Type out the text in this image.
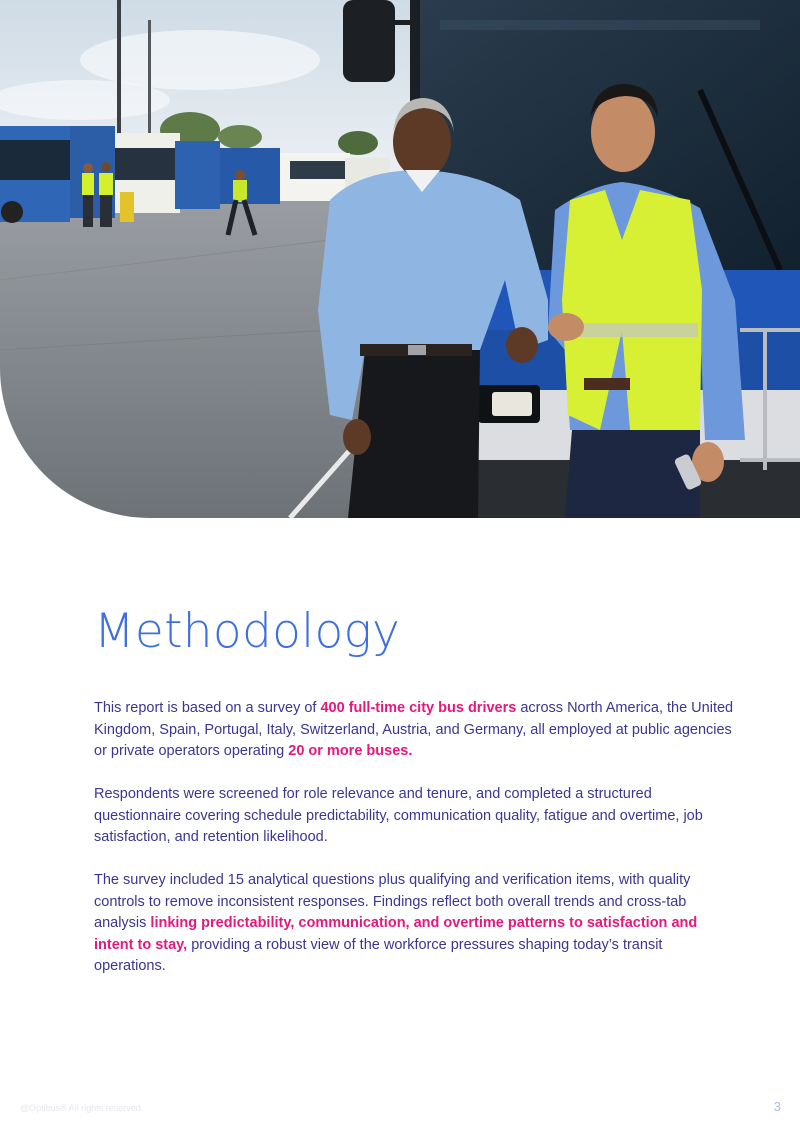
Methodology

This report is based on a survey of 400 full-time city bus drivers across North America, the United Kingdom, Spain, Portugal, Italy, Switzerland, Austria, and Germany, all employed at public agencies or private operators operating 20 or more buses.

Respondents were screened for role relevance and tenure, and completed a structured questionnaire covering schedule predictability, communication quality, fatigue and overtime, job satisfaction, and retention likelihood.

The survey included 15 analytical questions plus qualifying and verification items, with quality controls to remove inconsistent responses. Findings reflect both overall trends and cross-tab analysis linking predictability, communication, and overtime patterns to satisfaction and intent to stay, providing a robust view of the workforce pressures shaping today’s transit operations.

@Optibus® All rights reserved.	3
